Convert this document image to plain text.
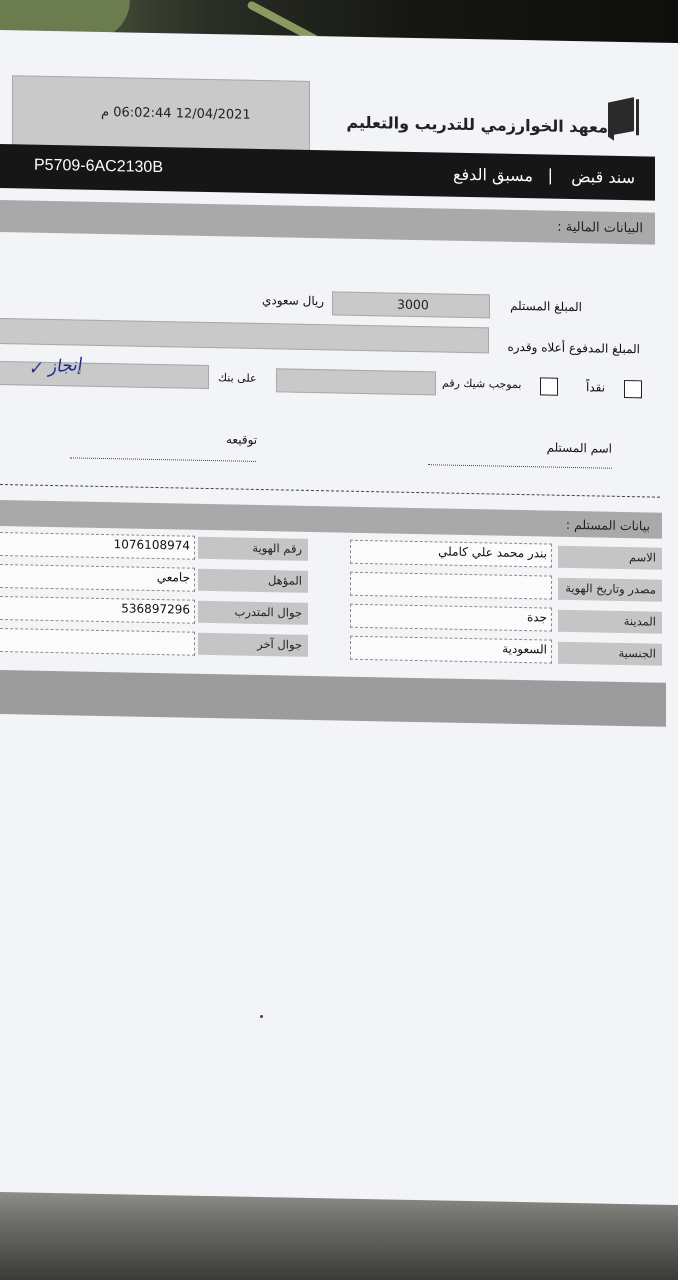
12/04/2021 06:02:44 م	معهد الخوارزمي للتدريب والتعليم
P5709-6AC2130B
سند قبض
|
مسبق الدفع
البيانات المالية :
المبلغ المستلم
3000
ريال سعودي
المبلغ المدفوع أعلاه وقدره
نقداً
بموجب شيك رقم
على بنك
✓ إنجاز
اسم المستلم
توقيعه
بيانات المستلم :
الاسم
بندر محمد علي كاملي
رقم الهوية
1076108974
مصدر وتاريخ الهوية
المؤهل
جامعي
المدينة
جدة
جوال المتدرب
536897296
الجنسية
السعودية
جوال آخر
